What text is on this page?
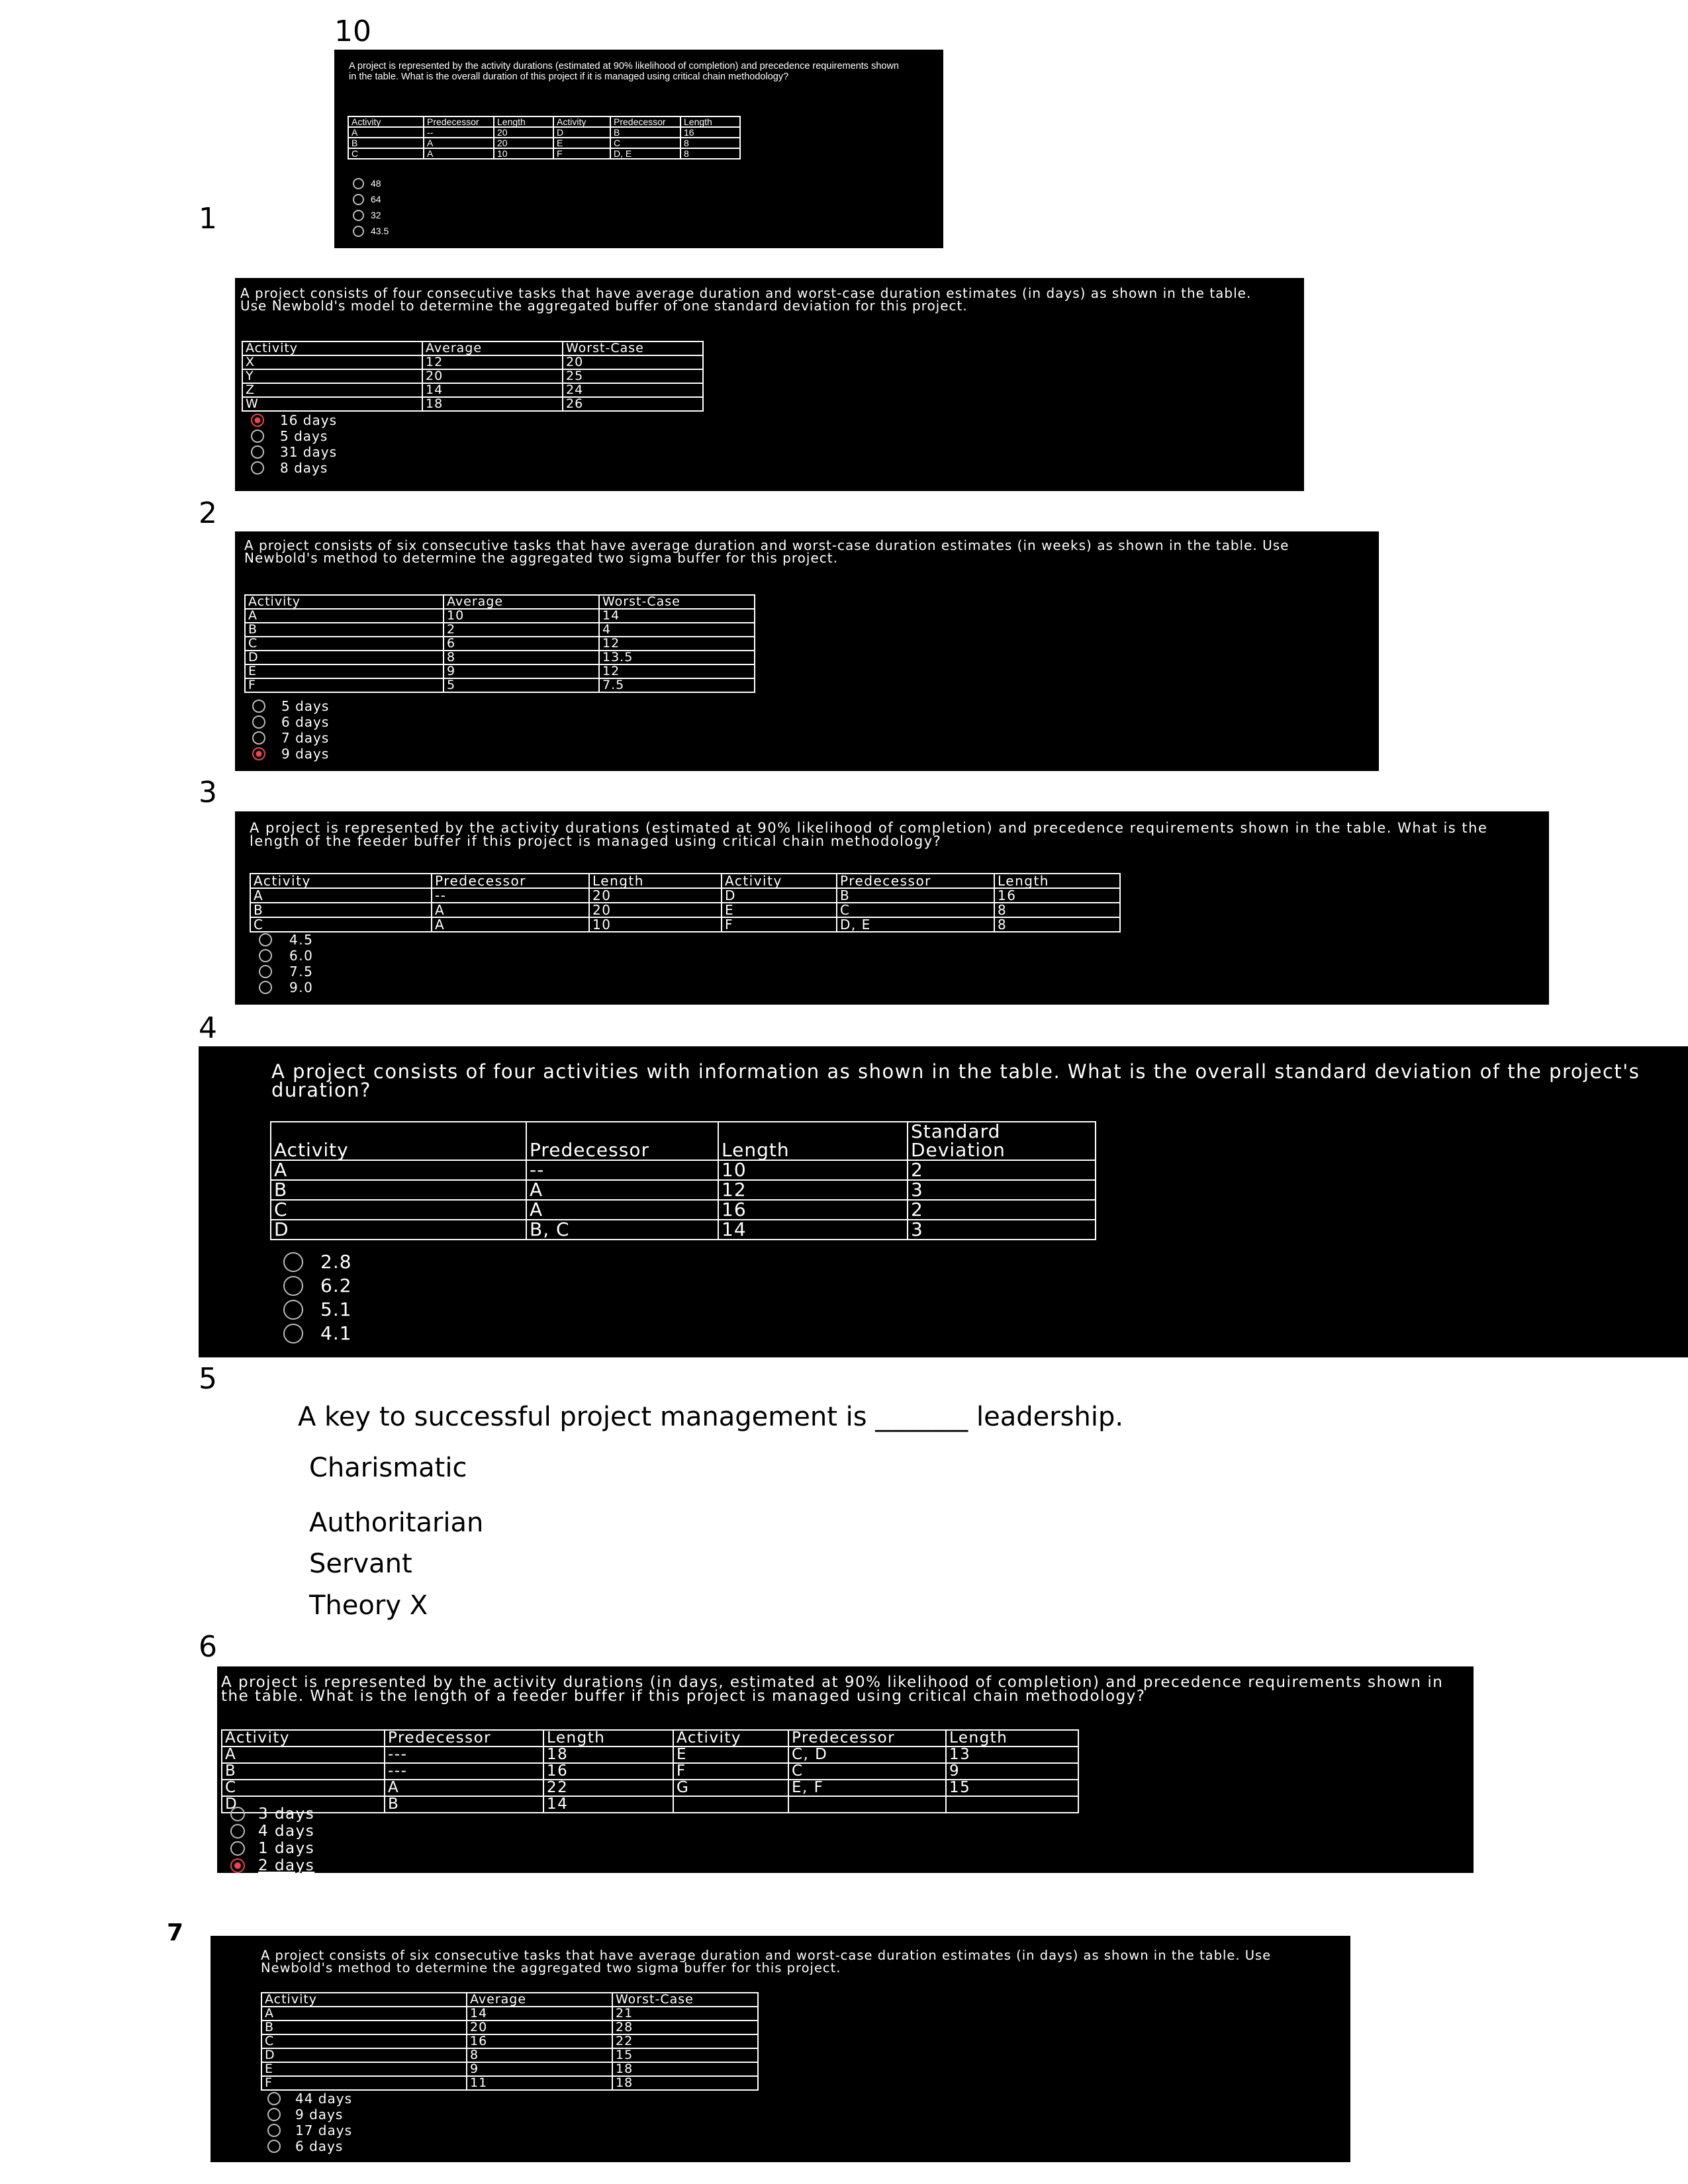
10
1
2
3
4
5
6
7

A project is represented by the activity durations (estimated at 90% likelihood of completion) and precedence requirements shown in the table. What is the overall duration of this project if it is managed using critical chain methodology?

Activity	Predecessor	Length	Activity	Predecessor	Length
A	--	20	D	B	16
B	A	20	E	C	8
C	A	10	F	D, E	8
48
64
32
43.5

A project consists of four consecutive tasks that have average duration and worst-case duration estimates (in days) as shown in the table. Use Newbold's model to determine the aggregated buffer of one standard deviation for this project.

Activity	Average	Worst-Case
X	12	20
Y	20	25
Z	14	24
W	18	26
16 days
5 days
31 days
8 days

A project consists of six consecutive tasks that have average duration and worst-case duration estimates (in weeks) as shown in the table. Use Newbold's method to determine the aggregated two sigma buffer for this project.

Activity	Average	Worst-Case
A	10	14
B	2	4
C	6	12
D	8	13.5
E	9	12
F	5	7.5
5 days
6 days
7 days
9 days

A project is represented by the activity durations (estimated at 90% likelihood of completion) and precedence requirements shown in the table. What is the length of the feeder buffer if this project is managed using critical chain methodology?

Activity	Predecessor	Length	Activity	Predecessor	Length
A	--	20	D	B	16
B	A	20	E	C	8
C	A	10	F	D, E	8
4.5
6.0
7.5
9.0

A project consists of four activities with information as shown in the table. What is the overall standard deviation of the project's duration?

Activity	Predecessor	Length	Standard Deviation
A	--	10	2
B	A	12	3
C	A	16	2
D	B, C	14	3
2.8
6.2
5.1
4.1
A key to successful project management is _______ leadership.
Charismatic
Authoritarian
Servant
Theory X

A project is represented by the activity durations (in days, estimated at 90% likelihood of completion) and precedence requirements shown in the table. What is the length of a feeder buffer if this project is managed using critical chain methodology?

Activity	Predecessor	Length	Activity	Predecessor	Length
A	---	18	E	C, D	13
B	---	16	F	C	9
C	A	22	G	E, F	15
D	B	14			
3 days
4 days
1 days
2 days

A project consists of six consecutive tasks that have average duration and worst-case duration estimates (in days) as shown in the table. Use Newbold's method to determine the aggregated two sigma buffer for this project.

Activity	Average	Worst-Case
A	14	21
B	20	28
C	16	22
D	8	15
E	9	18
F	11	18
44 days
9 days
17 days
6 days
